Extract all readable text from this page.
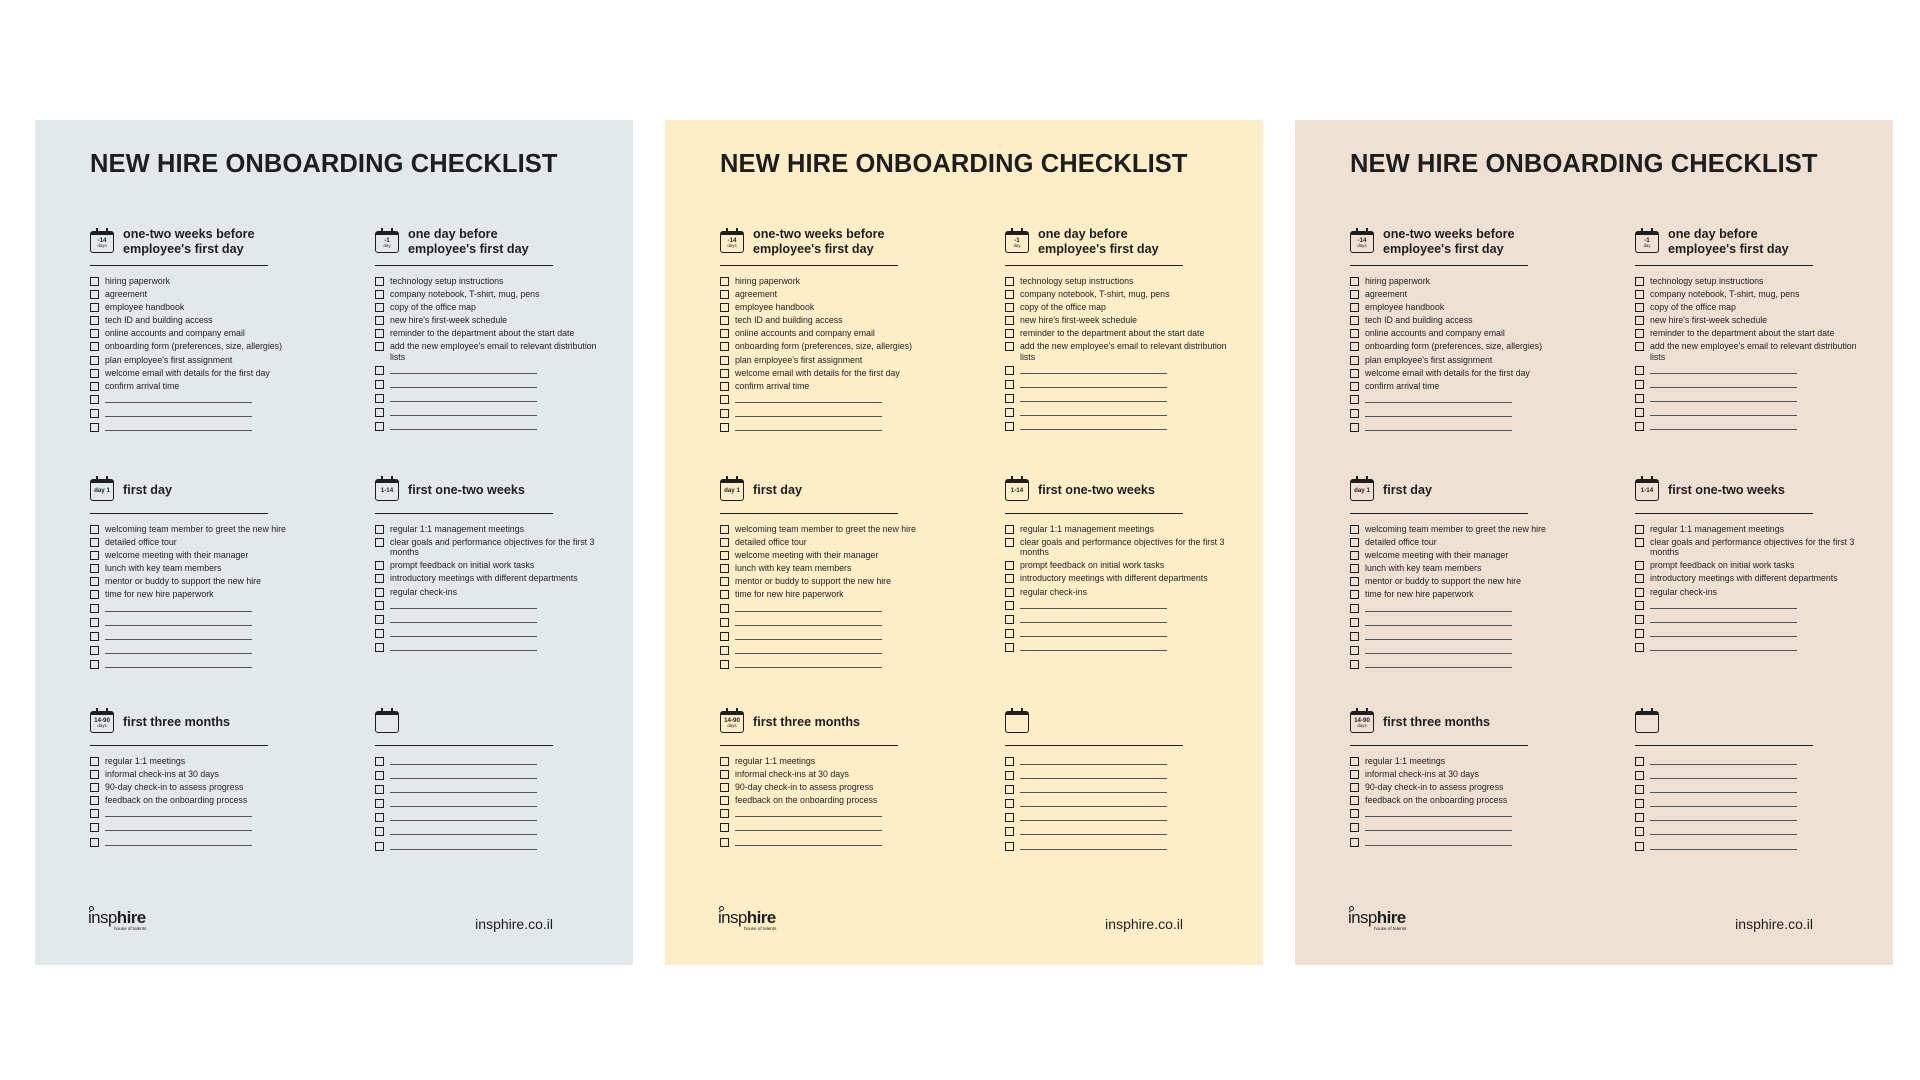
NEW HIRE ONBOARDING CHECKLIST
-14
days
one-two weeks before employee's first day
hiring paperwork
agreement
employee handbook
tech ID and building access
online accounts and company email
onboarding form (preferences, size, allergies)
plan employee's first assignment
welcome email with details for the first day
confirm arrival time
-1
day
one day before employee's first day
technology setup instructions
company notebook, T-shirt, mug, pens
copy of the office map
new hire's first-week schedule
reminder to the department about the start date
add the new employee's email to relevant distribution lists
day 1 first day
welcoming team member to greet the new hire
detailed office tour
welcome meeting with their manager
lunch with key team members
mentor or buddy to support the new hire
time for new hire paperwork
1-14 first one-two weeks
regular 1:1 management meetings
clear goals and performance objectives for the first 3 months
prompt feedback on initial work tasks
introductory meetings with different departments
regular check-ins
14-90
days first three months
regular 1:1 meetings
informal check-ins at 30 days
90-day check-in to assess progress
feedback on the onboarding process
insphire
house of talents	insphire.co.il
NEW HIRE ONBOARDING CHECKLIST
-14
days
one-two weeks before employee's first day
hiring paperwork
agreement
employee handbook
tech ID and building access
online accounts and company email
onboarding form (preferences, size, allergies)
plan employee's first assignment
welcome email with details for the first day
confirm arrival time
-1
day
one day before employee's first day
technology setup instructions
company notebook, T-shirt, mug, pens
copy of the office map
new hire's first-week schedule
reminder to the department about the start date
add the new employee's email to relevant distribution lists
day 1 first day
welcoming team member to greet the new hire
detailed office tour
welcome meeting with their manager
lunch with key team members
mentor or buddy to support the new hire
time for new hire paperwork
1-14 first one-two weeks
regular 1:1 management meetings
clear goals and performance objectives for the first 3 months
prompt feedback on initial work tasks
introductory meetings with different departments
regular check-ins
14-90
days first three months
regular 1:1 meetings
informal check-ins at 30 days
90-day check-in to assess progress
feedback on the onboarding process
insphire
house of talents	insphire.co.il
NEW HIRE ONBOARDING CHECKLIST
-14
days
one-two weeks before employee's first day
hiring paperwork
agreement
employee handbook
tech ID and building access
online accounts and company email
onboarding form (preferences, size, allergies)
plan employee's first assignment
welcome email with details for the first day
confirm arrival time
-1
day
one day before employee's first day
technology setup instructions
company notebook, T-shirt, mug, pens
copy of the office map
new hire's first-week schedule
reminder to the department about the start date
add the new employee's email to relevant distribution lists
day 1 first day
welcoming team member to greet the new hire
detailed office tour
welcome meeting with their manager
lunch with key team members
mentor or buddy to support the new hire
time for new hire paperwork
1-14 first one-two weeks
regular 1:1 management meetings
clear goals and performance objectives for the first 3 months
prompt feedback on initial work tasks
introductory meetings with different departments
regular check-ins
14-90
days first three months
regular 1:1 meetings
informal check-ins at 30 days
90-day check-in to assess progress
feedback on the onboarding process
insphire
house of talents	insphire.co.il
